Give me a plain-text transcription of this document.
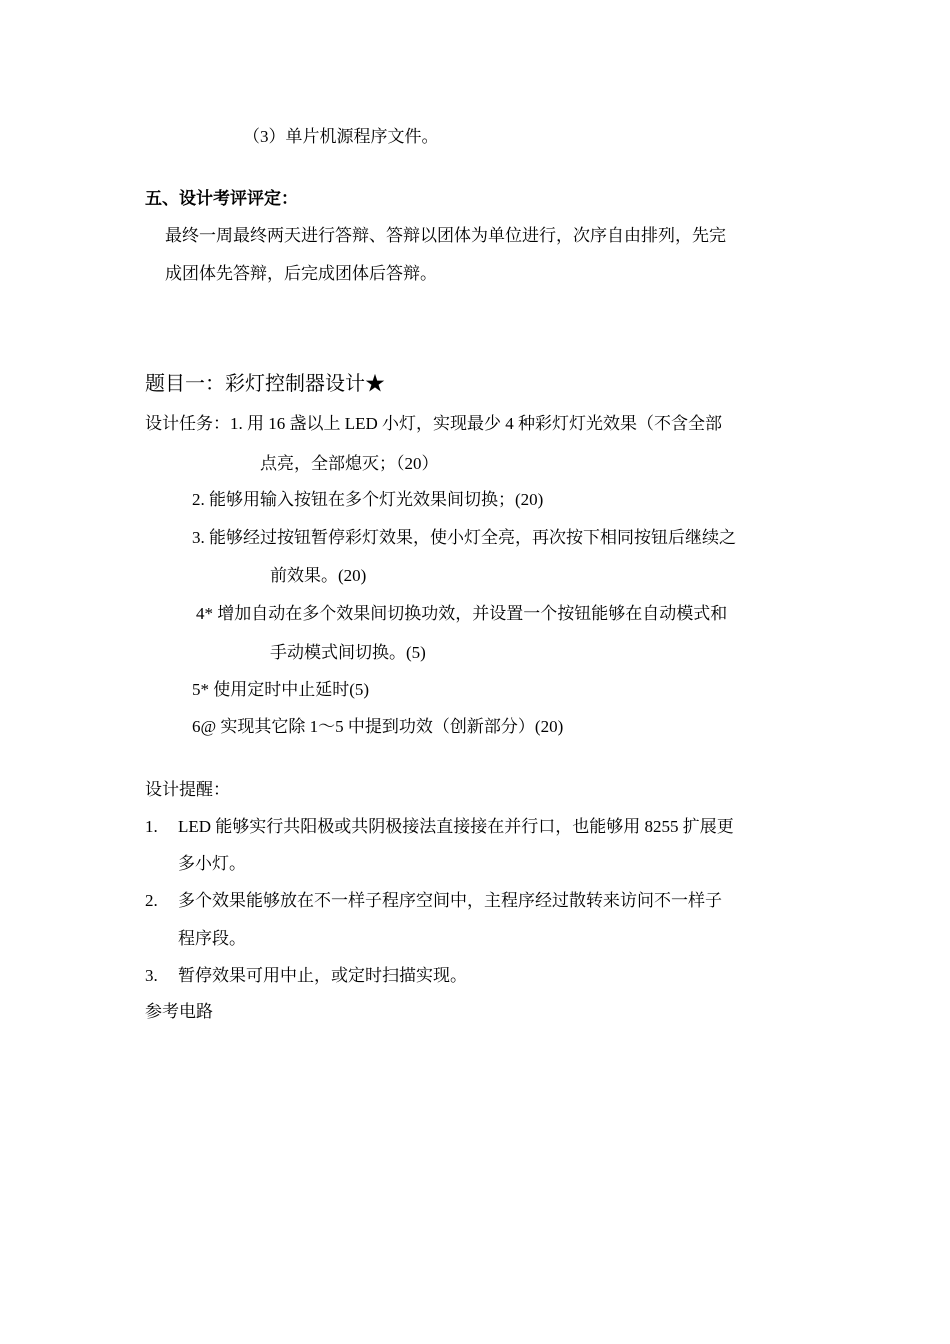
（3）单片机源程序文件。
五、设计考评评定：
最终一周最终两天进行答辩、答辩以团体为单位进行，次序自由排列，先完
成团体先答辩，后完成团体后答辩。
题目一：彩灯控制器设计★
设计任务：1. 用 16 盏以上 LED 小灯，实现最少 4 种彩灯灯光效果（不含全部
点亮，全部熄灭；（20）
2. 能够用输入按钮在多个灯光效果间切换；(20)
3. 能够经过按钮暂停彩灯效果，使小灯全亮，再次按下相同按钮后继续之
前效果。(20)
4* 增加自动在多个效果间切换功效，并设置一个按钮能够在自动模式和
手动模式间切换。(5)
5* 使用定时中止延时(5)
6@ 实现其它除 1～5 中提到功效（创新部分）(20)
设计提醒：
1. LED 能够实行共阳极或共阴极接法直接接在并行口，也能够用 8255 扩展更
多小灯。
2. 多个效果能够放在不一样子程序空间中，主程序经过散转来访问不一样子
程序段。
3. 暂停效果可用中止，或定时扫描实现。
参考电路
